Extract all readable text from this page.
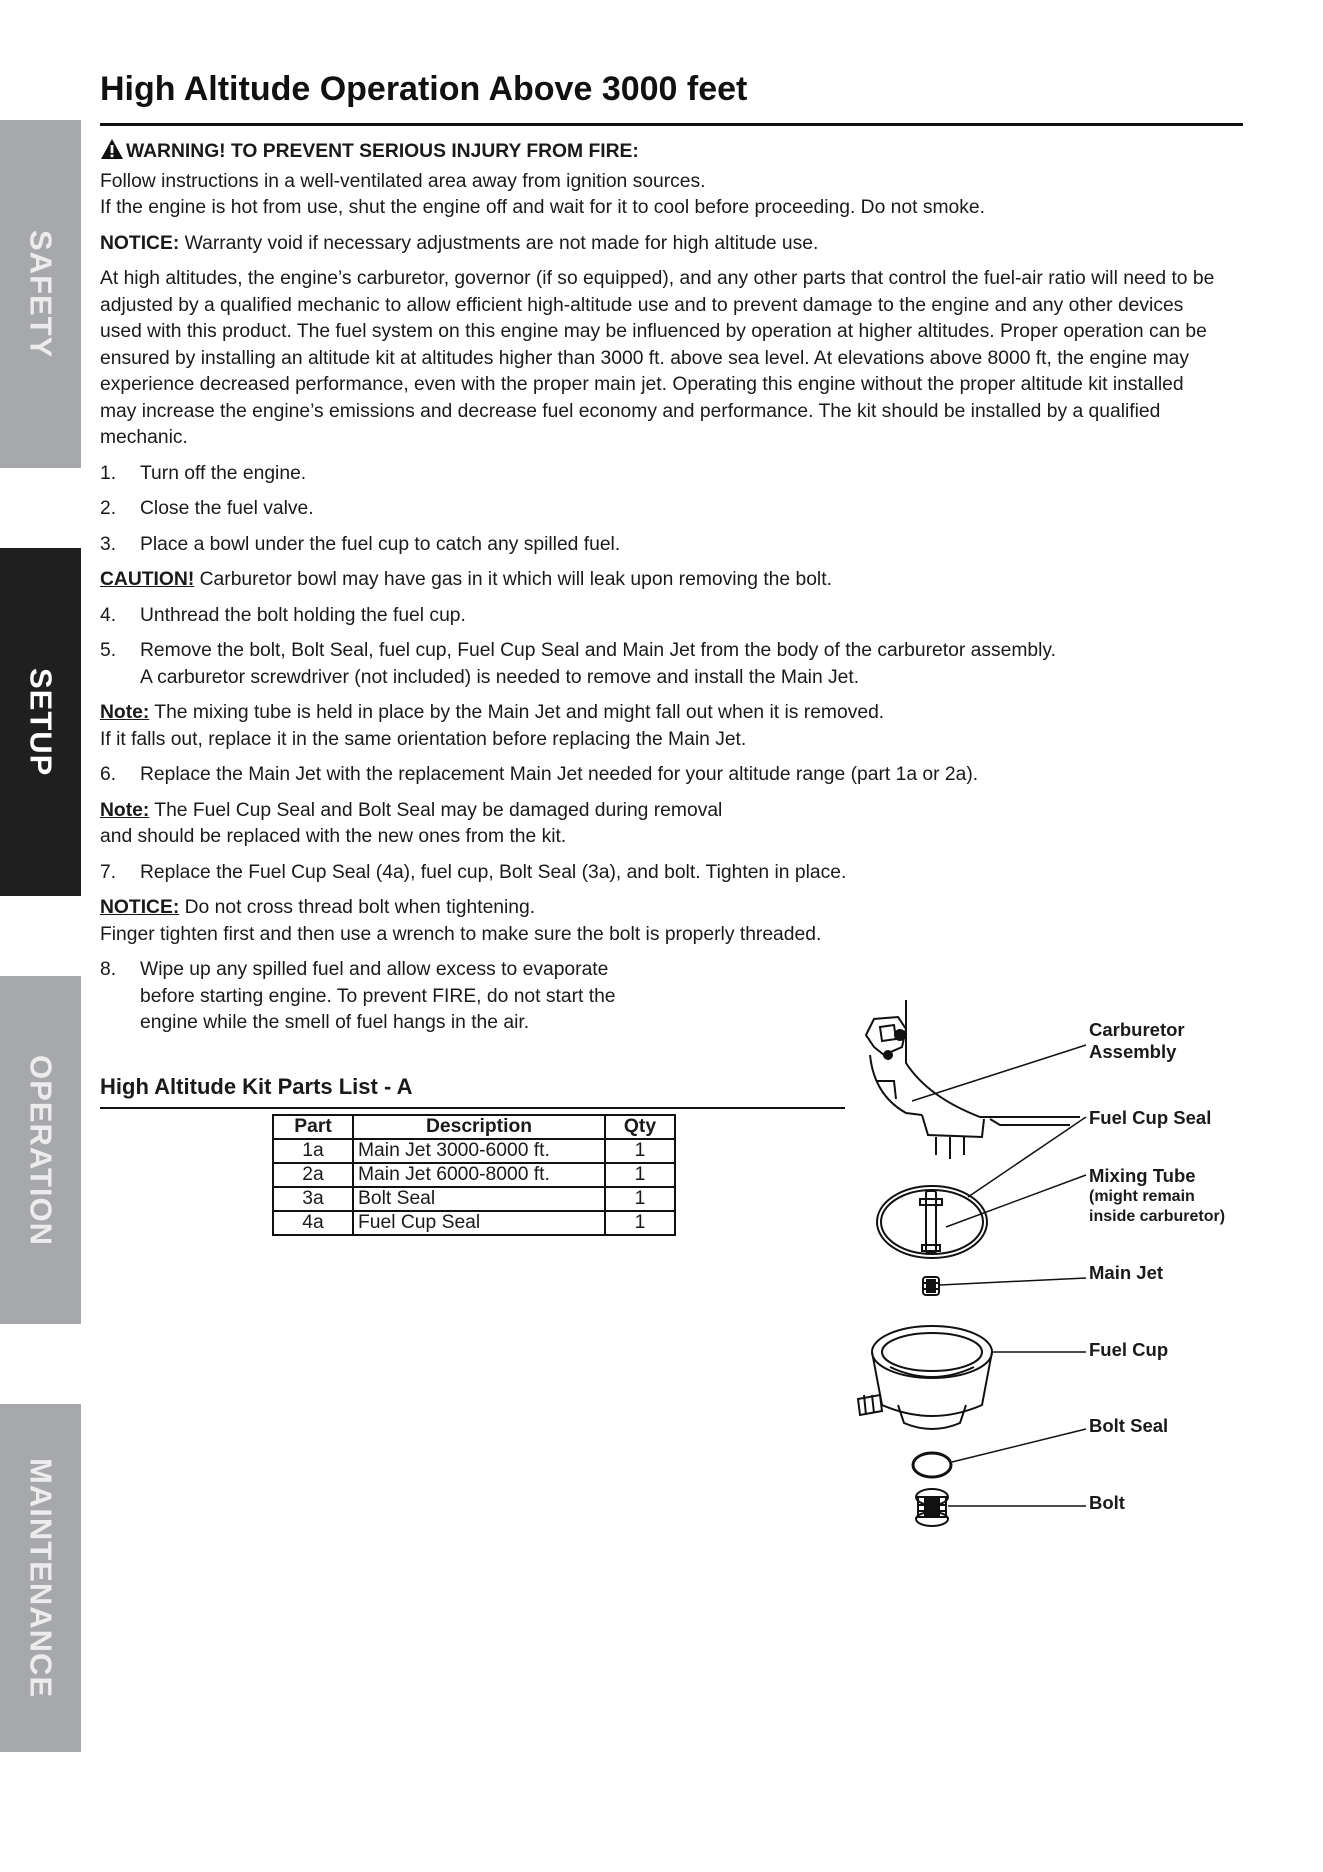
SAFETY
SETUP
OPERATION
MAINTENANCE
High Altitude Operation Above 3000 feet

WARNING! TO PREVENT SERIOUS INJURY FROM FIRE:

Follow instructions in a well-ventilated area away from ignition sources.

If the engine is hot from use, shut the engine off and wait for it to cool before proceeding. Do not smoke.

NOTICE: Warranty void if necessary adjustments are not made for high altitude use.

At high altitudes, the engine’s carburetor, governor (if so equipped), and any other parts that control the fuel-air ratio will need to be adjusted by a qualified mechanic to allow efficient high-altitude use and to prevent damage to the engine and any other devices used with this product. The fuel system on this engine may be influenced by operation at higher altitudes. Proper operation can be ensured by installing an altitude kit at altitudes higher than 3000 ft. above sea level. At elevations above 8000 ft, the engine may experience decreased performance, even with the proper main jet. Operating this engine without the proper altitude kit installed may increase the engine’s emissions and decrease fuel economy and performance. The kit should be installed by a qualified mechanic.

1.	Turn off the engine.
2.	Close the fuel valve.
3.	Place a bowl under the fuel cup to catch any spilled fuel.

CAUTION! Carburetor bowl may have gas in it which will leak upon removing the bolt.

4.	Unthread the bolt holding the fuel cup.
5.	Remove the bolt, Bolt Seal, fuel cup, Fuel Cup Seal and Main Jet from the body of the carburetor assembly.
A carburetor screwdriver (not included) is needed to remove and install the Main Jet.

Note: The mixing tube is held in place by the Main Jet and might fall out when it is removed.
If it falls out, replace it in the same orientation before replacing the Main Jet.

6.	Replace the Main Jet with the replacement Main Jet needed for your altitude range (part 1a or 2a).

Note: The Fuel Cup Seal and Bolt Seal may be damaged during removal
and should be replaced with the new ones from the kit.

7.	Replace the Fuel Cup Seal (4a), fuel cup, Bolt Seal (3a), and bolt. Tighten in place.

NOTICE: Do not cross thread bolt when tightening.
Finger tighten first and then use a wrench to make sure the bolt is properly threaded.

8.	Wipe up any spilled fuel and allow excess to evaporate
before starting engine. To prevent FIRE, do not start the
engine while the smell of fuel hangs in the air.
High Altitude Kit Parts List - A
Part	Description	Qty
1a	Main Jet 3000-6000 ft.	1
2a	Main Jet 6000-8000 ft.	1
3a	Bolt Seal	1
4a	Fuel Cup Seal	1
Carburetor
Assembly
Fuel Cup Seal
Mixing Tube
(might remain
inside carburetor)
Main Jet
Fuel Cup
Bolt Seal
Bolt
